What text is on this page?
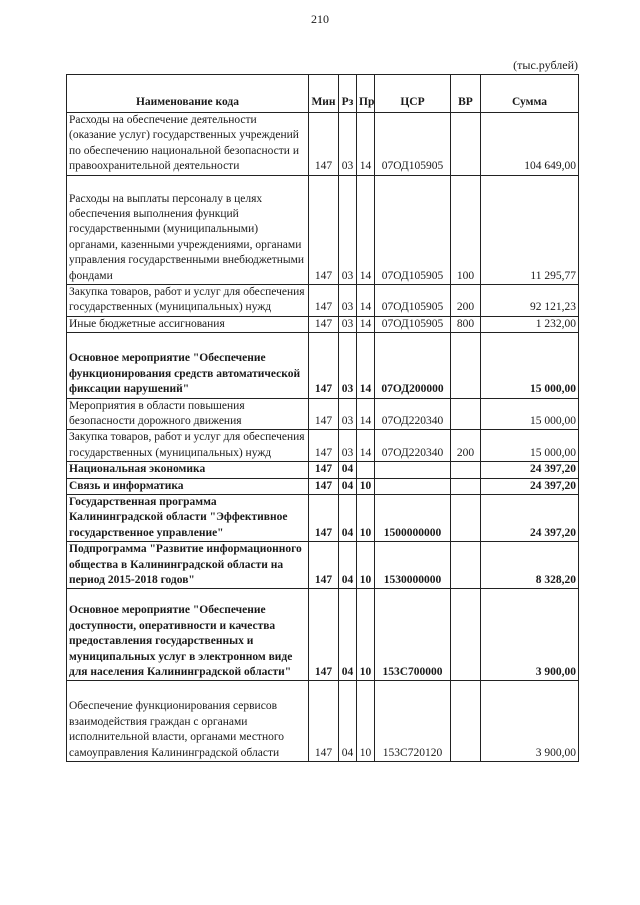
210
(тыс.рублей)
Наименование кода	Мин	Рз	Пр	ЦСР	ВР	Сумма
Расходы на обеспечение деятельности (оказание услуг) государственных учреждений по обеспечению национальной безопасности и правоохранительной деятельности	147	03	14	07ОД105905		104 649,00
Расходы на выплаты персоналу в целях обеспечения выполнения функций государственными (муниципальными) органами, казенными учреждениями, органами управления государственными внебюджетными фондами	147	03	14	07ОД105905	100	11 295,77
Закупка товаров, работ и услуг для обеспечения государственных (муниципальных) нужд	147	03	14	07ОД105905	200	92 121,23
Иные бюджетные ассигнования	147	03	14	07ОД105905	800	1 232,00
Основное мероприятие "Обеспечение функционирования средств автоматической фиксации нарушений"	147	03	14	07ОД200000		15 000,00
Мероприятия в области повышения безопасности дорожного движения	147	03	14	07ОД220340		15 000,00
Закупка товаров, работ и услуг для обеспечения государственных (муниципальных) нужд	147	03	14	07ОД220340	200	15 000,00
Национальная экономика	147	04				24 397,20
Связь и информатика	147	04	10			24 397,20
Государственная программа Калининградской области "Эффективное государственное управление"	147	04	10	1500000000		24 397,20
Подпрограмма "Развитие информационного общества в Калининградской области на период 2015-2018 годов"	147	04	10	1530000000		8 328,20
Основное мероприятие "Обеспечение доступности, оперативности и качества предоставления государственных и муниципальных услуг в электронном виде для населения Калининградской области"	147	04	10	153С700000		3 900,00
Обеспечение функционирования сервисов взаимодействия граждан с органами исполнительной власти, органами местного самоуправления Калининградской области	147	04	10	153С720120		3 900,00
